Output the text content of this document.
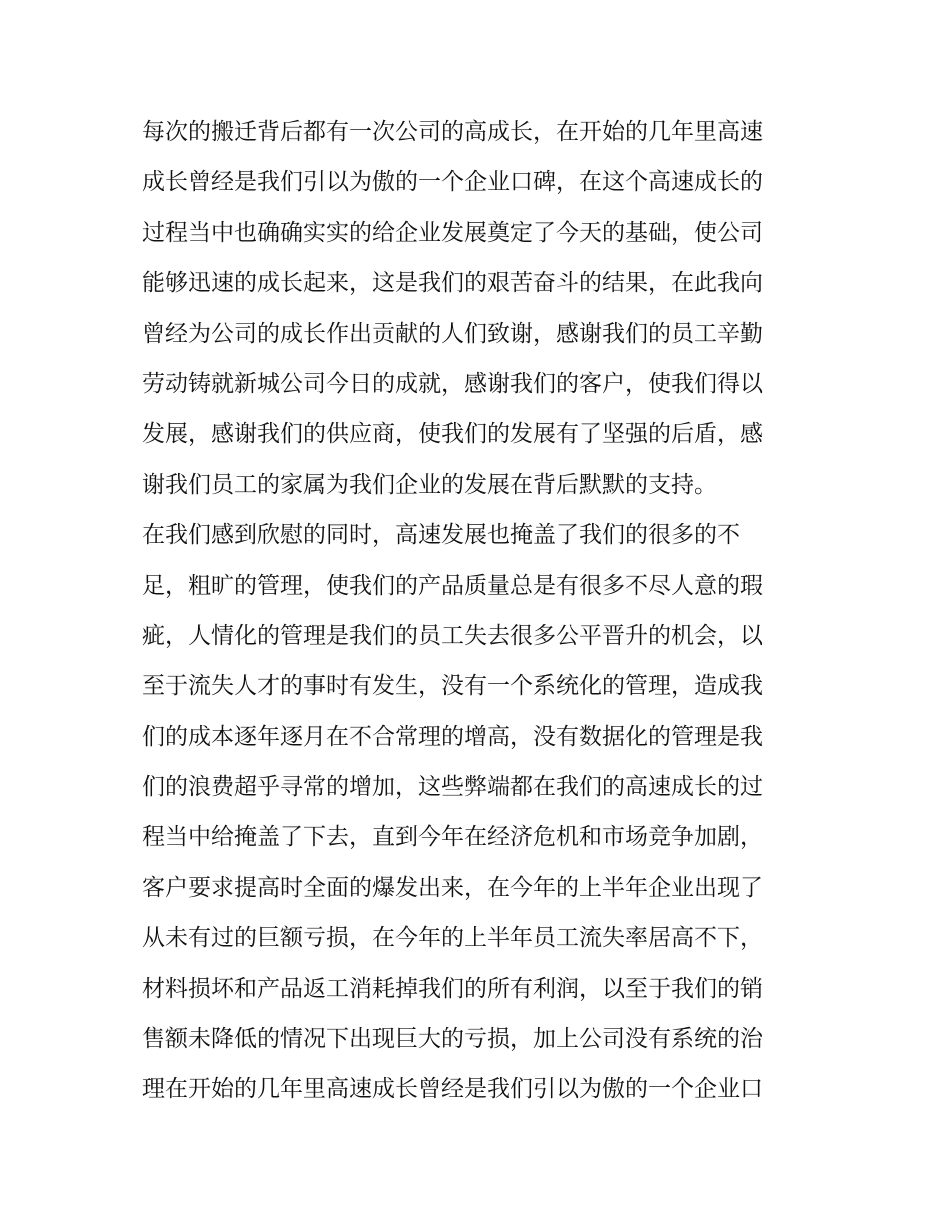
每次的搬迁背后都有一次公司的高成长，在开始的几年里高速
成长曾经是我们引以为傲的一个企业口碑，在这个高速成长的
过程当中也确确实实的给企业发展奠定了今天的基础，使公司
能够迅速的成长起来，这是我们的艰苦奋斗的结果，在此我向
曾经为公司的成长作出贡献的人们致谢，感谢我们的员工辛勤
劳动铸就新城公司今日的成就，感谢我们的客户，使我们得以
发展，感谢我们的供应商，使我们的发展有了坚强的后盾，感
谢我们员工的家属为我们企业的发展在背后默默的支持。
在我们感到欣慰的同时，高速发展也掩盖了我们的很多的不
足，粗旷的管理，使我们的产品质量总是有很多不尽人意的瑕
疵，人情化的管理是我们的员工失去很多公平晋升的机会，以
至于流失人才的事时有发生，没有一个系统化的管理，造成我
们的成本逐年逐月在不合常理的增高，没有数据化的管理是我
们的浪费超乎寻常的增加，这些弊端都在我们的高速成长的过
程当中给掩盖了下去，直到今年在经济危机和市场竞争加剧，
客户要求提高时全面的爆发出来，在今年的上半年企业出现了
从未有过的巨额亏损，在今年的上半年员工流失率居高不下，
材料损坏和产品返工消耗掉我们的所有利润，以至于我们的销
售额未降低的情况下出现巨大的亏损，加上公司没有系统的治
理在开始的几年里高速成长曾经是我们引以为傲的一个企业口
